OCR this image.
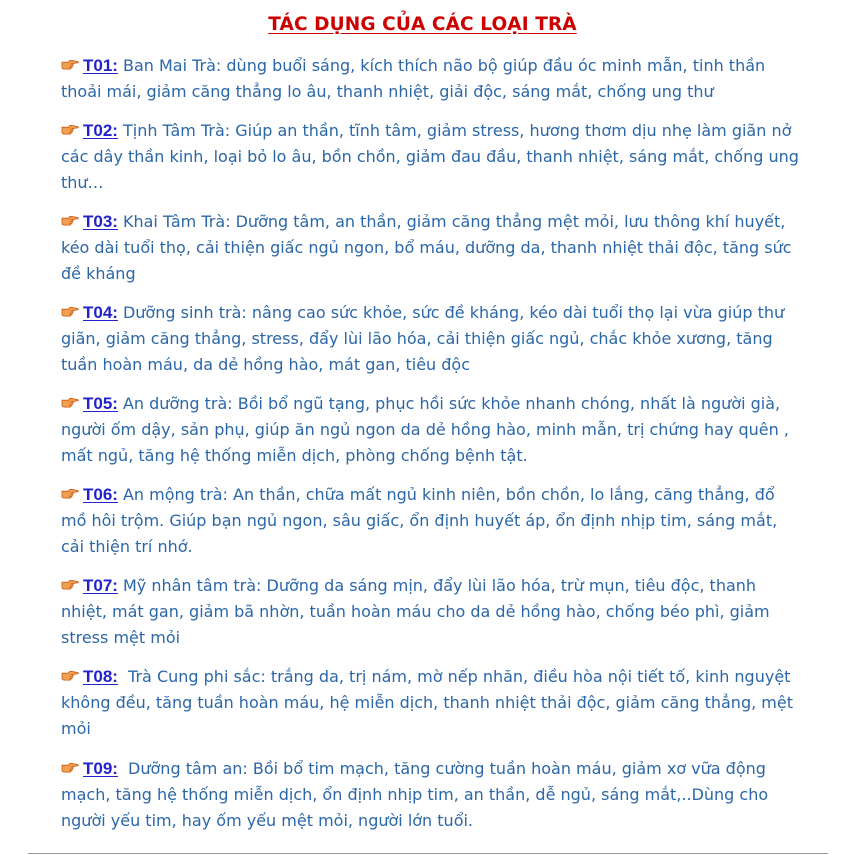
TÁC DỤNG CỦA CÁC LOẠI TRÀ
T01: Ban Mai Trà: dùng buổi sáng, kích thích não bộ giúp đầu óc minh mẫn, tinh thần thoải mái, giảm căng thẳng lo âu, thanh nhiệt, giải độc, sáng mắt, chống ung thư
T02: Tịnh Tâm Trà: Giúp an thần, tĩnh tâm, giảm stress, hương thơm dịu nhẹ làm giãn nở các dây thần kinh, loại bỏ lo âu, bồn chồn, giảm đau đầu, thanh nhiệt, sáng mắt, chống ung thư…
T03: Khai Tâm Trà: Dưỡng tâm, an thần, giảm căng thẳng mệt mỏi, lưu thông khí huyết, kéo dài tuổi thọ, cải thiện giấc ngủ ngon, bổ máu, dưỡng da, thanh nhiệt thải độc, tăng sức đề kháng
T04: Dưỡng sinh trà: nâng cao sức khỏe, sức đề kháng, kéo dài tuổi thọ lại vừa giúp thư giãn, giảm căng thẳng, stress, đẩy lùi lão hóa, cải thiện giấc ngủ, chắc khỏe xương, tăng tuần hoàn máu, da dẻ hồng hào, mát gan, tiêu độc
T05: An dưỡng trà: Bồi bổ ngũ tạng, phục hồi sức khỏe nhanh chóng, nhất là người già, người ốm dậy, sản phụ, giúp ăn ngủ ngon da dẻ hồng hào, minh mẫn, trị chứng hay quên , mất ngủ, tăng hệ thống miễn dịch, phòng chống bệnh tật.
T06: An mộng trà: An thần, chữa mất ngủ kinh niên, bồn chồn, lo lắng, căng thẳng, đổ mồ hôi trộm. Giúp bạn ngủ ngon, sâu giấc, ổn định huyết áp, ổn định nhịp tim, sáng mắt, cải thiện trí nhớ.
T07: Mỹ nhân tâm trà: Dưỡng da sáng mịn, đẩy lùi lão hóa, trừ mụn, tiêu độc, thanh nhiệt, mát gan, giảm bã nhờn, tuần hoàn máu cho da dẻ hồng hào, chống béo phì, giảm stress mệt mỏi
T08: Trà Cung phi sắc: trắng da, trị nám, mờ nếp nhăn, điều hòa nội tiết tố, kinh nguyệt không đều, tăng tuần hoàn máu, hệ miễn dịch, thanh nhiệt thải độc, giảm căng thẳng, mệt mỏi
T09: Dưỡng tâm an: Bồi bổ tim mạch, tăng cường tuần hoàn máu, giảm xơ vữa động mạch, tăng hệ thống miễn dịch, ổn định nhịp tim, an thần, dễ ngủ, sáng mắt,..Dùng cho người yếu tim, hay ốm yếu mệt mỏi, người lớn tuổi.
